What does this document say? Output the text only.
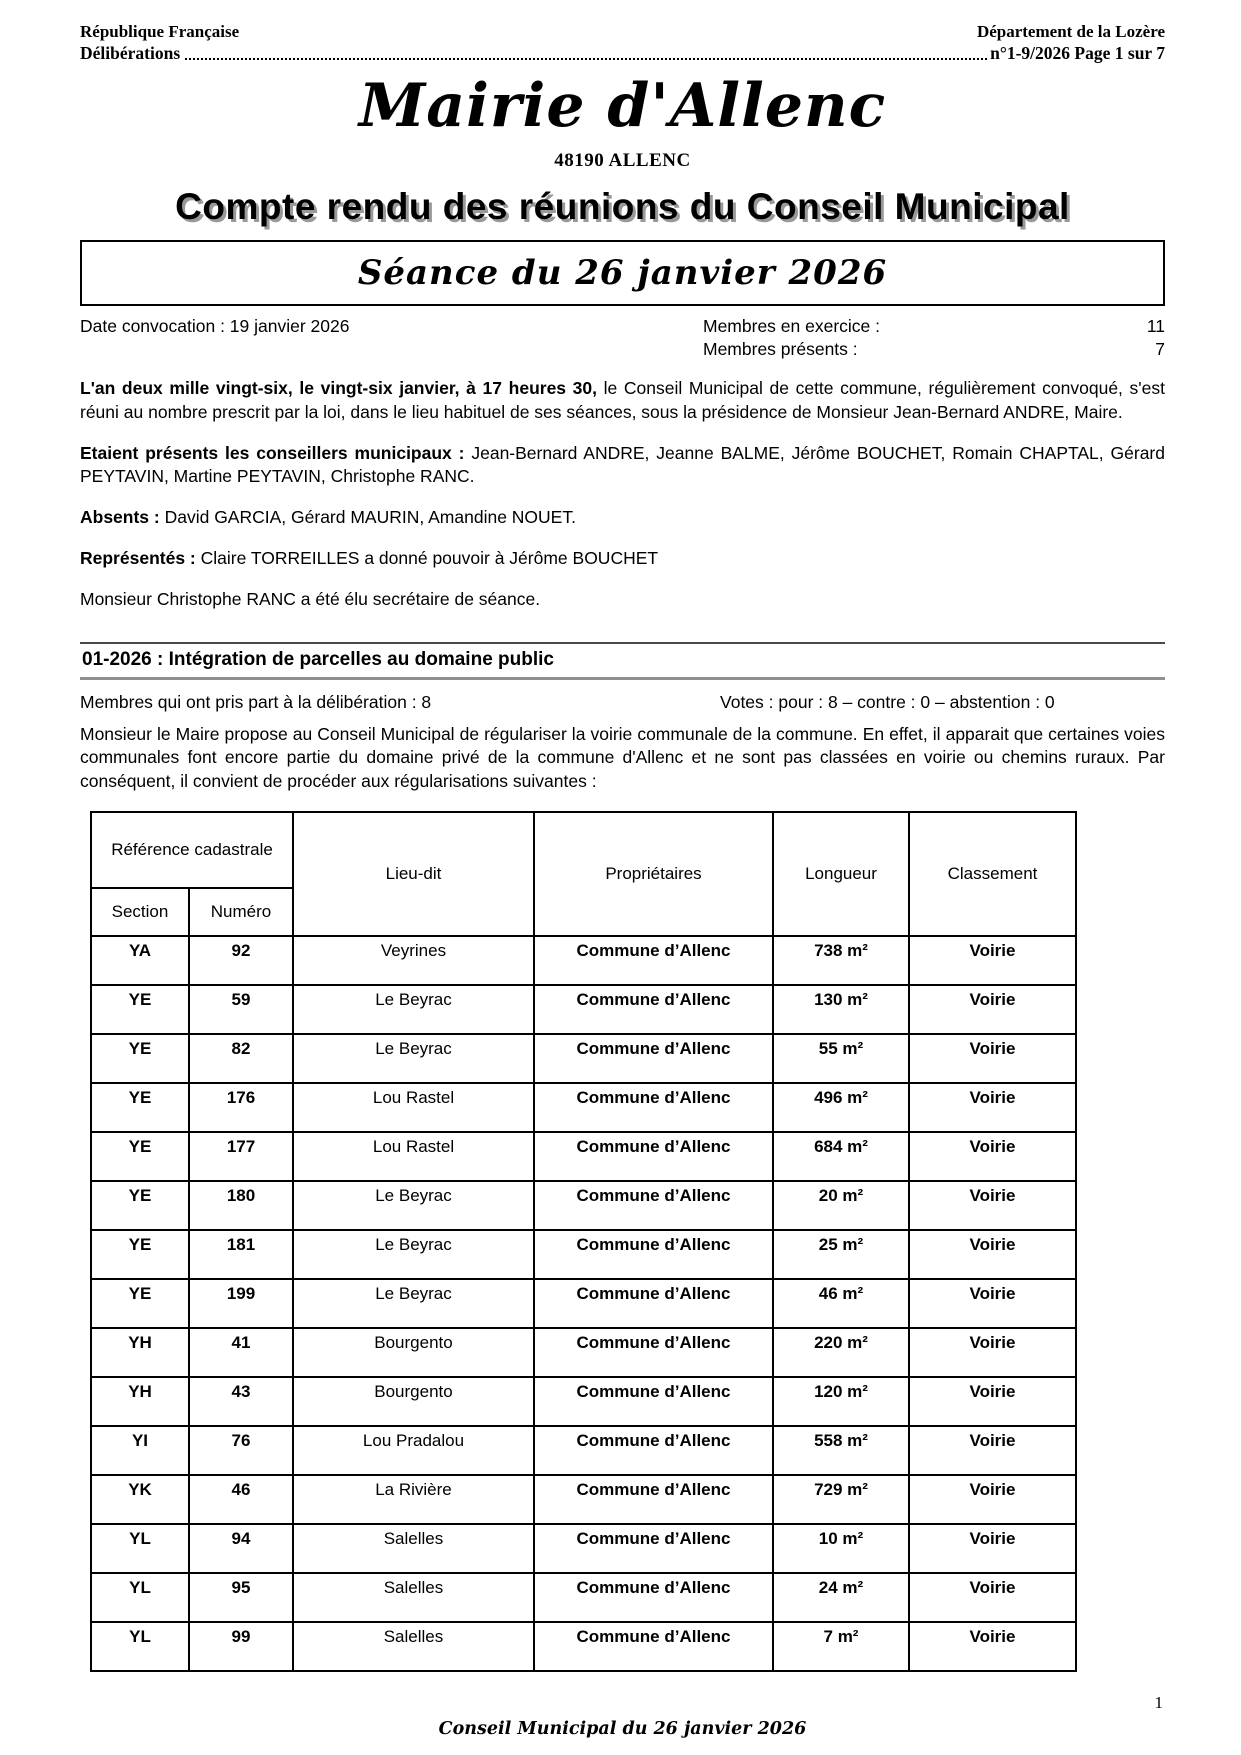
République Française	Département de la Lozère
Délibérations	n°1-9/2026 Page 1 sur 7
Mairie d'Allenc
48190 ALLENC
Compte rendu des réunions du Conseil Municipal
Séance du 26 janvier 2026
Date convocation : 19 janvier 2026	Membres en exercice :	11
Membres présents :	7

L'an deux mille vingt-six, le vingt-six janvier, à 17 heures 30, le Conseil Municipal de cette commune, régulièrement convoqué, s'est réuni au nombre prescrit par la loi, dans le lieu habituel de ses séances, sous la présidence de Monsieur Jean-Bernard ANDRE, Maire.

Etaient présents les conseillers municipaux : Jean-Bernard ANDRE, Jeanne BALME, Jérôme BOUCHET, Romain CHAPTAL, Gérard PEYTAVIN, Martine PEYTAVIN, Christophe RANC.

Absents : David GARCIA, Gérard MAURIN, Amandine NOUET.

Représentés : Claire TORREILLES a donné pouvoir à Jérôme BOUCHET

Monsieur Christophe RANC a été élu secrétaire de séance.

01-2026 : Intégration de parcelles au domaine public
Membres qui ont pris part à la délibération : 8	Votes : pour : 8 – contre : 0 – abstention : 0

Monsieur le Maire propose au Conseil Municipal de régulariser la voirie communale de la commune. En effet, il apparait que certaines voies communales font encore partie du domaine privé de la commune d'Allenc et ne sont pas classées en voirie ou chemins ruraux. Par conséquent, il convient de procéder aux régularisations suivantes :

Référence cadastrale		Lieu-dit	Propriétaires	Longueur	Classement
Section	Numéro				
YA	92	Veyrines	Commune d’Allenc	738 m²	Voirie
YE	59	Le Beyrac	Commune d’Allenc	130 m²	Voirie
YE	82	Le Beyrac	Commune d’Allenc	55 m²	Voirie
YE	176	Lou Rastel	Commune d’Allenc	496 m²	Voirie
YE	177	Lou Rastel	Commune d’Allenc	684 m²	Voirie
YE	180	Le Beyrac	Commune d’Allenc	20 m²	Voirie
YE	181	Le Beyrac	Commune d’Allenc	25 m²	Voirie
YE	199	Le Beyrac	Commune d’Allenc	46 m²	Voirie
YH	41	Bourgento	Commune d’Allenc	220 m²	Voirie
YH	43	Bourgento	Commune d’Allenc	120 m²	Voirie
YI	76	Lou Pradalou	Commune d’Allenc	558 m²	Voirie
YK	46	La Rivière	Commune d’Allenc	729 m²	Voirie
YL	94	Salelles	Commune d’Allenc	10 m²	Voirie
YL	95	Salelles	Commune d’Allenc	24 m²	Voirie
YL	99	Salelles	Commune d’Allenc	7 m²	Voirie
1
Conseil Municipal du 26 janvier 2026
